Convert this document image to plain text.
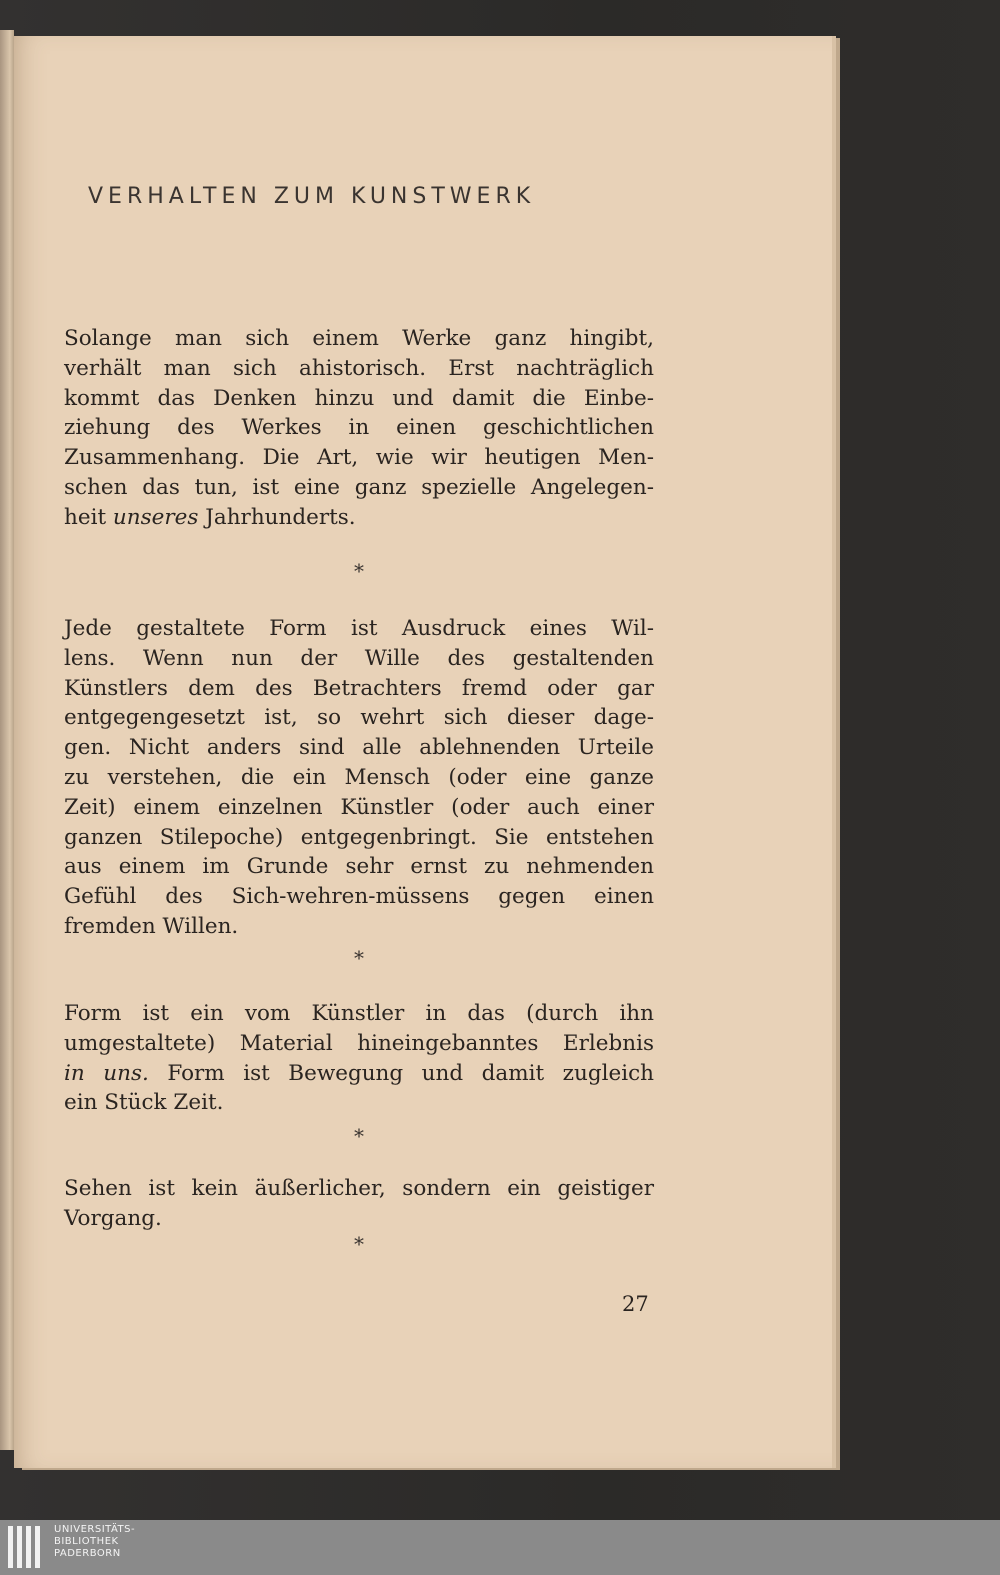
VERHALTEN ZUM KUNSTWERK
Solange man sich einem Werke ganz hingibt,
verhält man sich ahistorisch. Erst nachträglich
kommt das Denken hinzu und damit die Einbe-
ziehung des Werkes in einen geschichtlichen
Zusammenhang. Die Art, wie wir heutigen Men-
schen das tun, ist eine ganz spezielle Angelegen-
heit unseres Jahrhunderts.
*
Jede gestaltete Form ist Ausdruck eines Wil-
lens. Wenn nun der Wille des gestaltenden
Künstlers dem des Betrachters fremd oder gar
entgegengesetzt ist, so wehrt sich dieser dage-
gen. Nicht anders sind alle ablehnenden Urteile
zu verstehen, die ein Mensch (oder eine ganze
Zeit) einem einzelnen Künstler (oder auch einer
ganzen Stilepoche) entgegenbringt. Sie entstehen
aus einem im Grunde sehr ernst zu nehmenden
Gefühl des Sich-wehren-müssens gegen einen
fremden Willen.
*
Form ist ein vom Künstler in das (durch ihn
umgestaltete) Material hineingebanntes Erlebnis
in uns. Form ist Bewegung und damit zugleich
ein Stück Zeit.
*
Sehen ist kein äußerlicher, sondern ein geistiger
Vorgang.
*
27
UNIVERSITÄTS-
BIBLIOTHEK
PADERBORN
